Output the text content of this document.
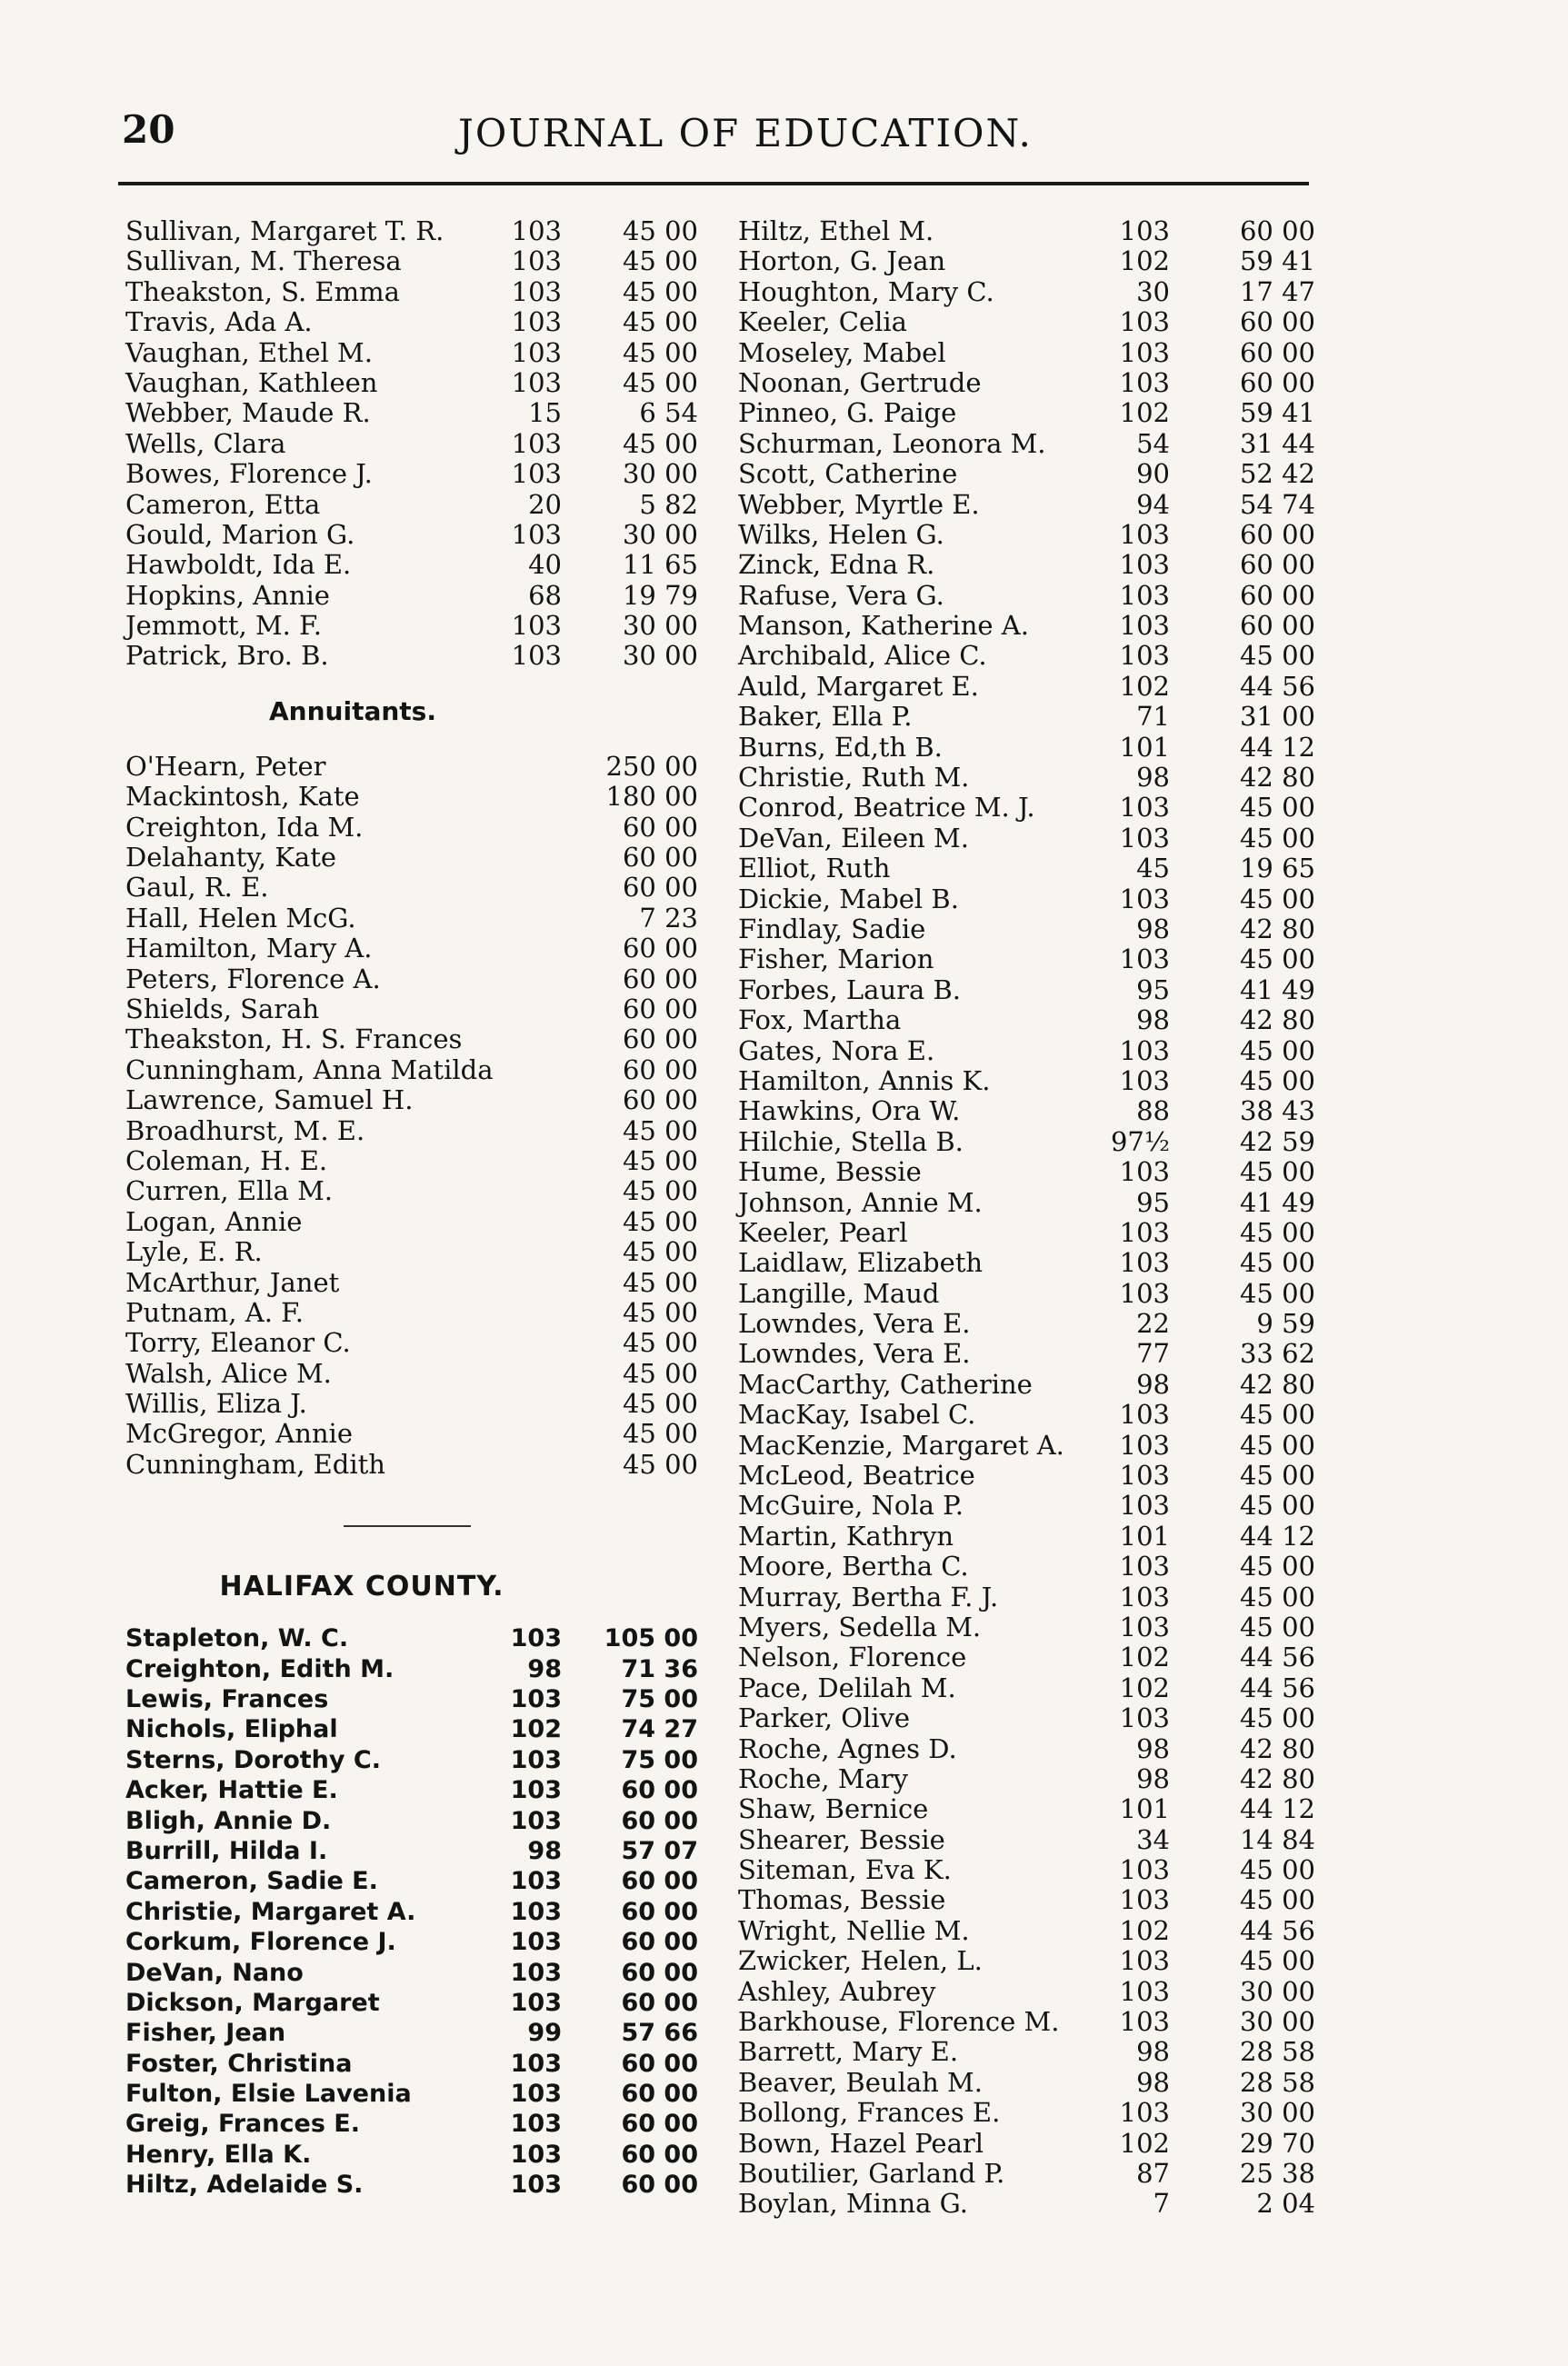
20	JOURNAL OF EDUCATION.
Sullivan, Margaret T. R.	103	45 00
Sullivan, M. Theresa	103	45 00
Theakston, S. Emma	103	45 00
Travis, Ada A.	103	45 00
Vaughan, Ethel M.	103	45 00
Vaughan, Kathleen	103	45 00
Webber, Maude R.	15	6 54
Wells, Clara	103	45 00
Bowes, Florence J.	103	30 00
Cameron, Etta	20	5 82
Gould, Marion G.	103	30 00
Hawboldt, Ida E.	40	11 65
Hopkins, Annie	68	19 79
Jemmott, M. F.	103	30 00
Patrick, Bro. B.	103	30 00
Annuitants.
O'Hearn, Peter	250 00
Mackintosh, Kate	180 00
Creighton, Ida M.	60 00
Delahanty, Kate	60 00
Gaul, R. E.	60 00
Hall, Helen McG.	7 23
Hamilton, Mary A.	60 00
Peters, Florence A.	60 00
Shields, Sarah	60 00
Theakston, H. S. Frances	60 00
Cunningham, Anna Matilda	60 00
Lawrence, Samuel H.	60 00
Broadhurst, M. E.	45 00
Coleman, H. E.	45 00
Curren, Ella M.	45 00
Logan, Annie	45 00
Lyle, E. R.	45 00
McArthur, Janet	45 00
Putnam, A. F.	45 00
Torry, Eleanor C.	45 00
Walsh, Alice M.	45 00
Willis, Eliza J.	45 00
McGregor, Annie	45 00
Cunningham, Edith	45 00
HALIFAX COUNTY.
Stapleton, W. C.	103	105 00
Creighton, Edith M.	98	71 36
Lewis, Frances	103	75 00
Nichols, Eliphal	102	74 27
Sterns, Dorothy C.	103	75 00
Acker, Hattie E.	103	60 00
Bligh, Annie D.	103	60 00
Burrill, Hilda I.	98	57 07
Cameron, Sadie E.	103	60 00
Christie, Margaret A.	103	60 00
Corkum, Florence J.	103	60 00
DeVan, Nano	103	60 00
Dickson, Margaret	103	60 00
Fisher, Jean	99	57 66
Foster, Christina	103	60 00
Fulton, Elsie Lavenia	103	60 00
Greig, Frances E.	103	60 00
Henry, Ella K.	103	60 00
Hiltz, Adelaide S.	103	60 00
Hiltz, Ethel M.	103	60 00
Horton, G. Jean	102	59 41
Houghton, Mary C.	30	17 47
Keeler, Celia	103	60 00
Moseley, Mabel	103	60 00
Noonan, Gertrude	103	60 00
Pinneo, G. Paige	102	59 41
Schurman, Leonora M.	54	31 44
Scott, Catherine	90	52 42
Webber, Myrtle E.	94	54 74
Wilks, Helen G.	103	60 00
Zinck, Edna R.	103	60 00
Rafuse, Vera G.	103	60 00
Manson, Katherine A.	103	60 00
Archibald, Alice C.	103	45 00
Auld, Margaret E.	102	44 56
Baker, Ella P.	71	31 00
Burns, Ed,th B.	101	44 12
Christie, Ruth M.	98	42 80
Conrod, Beatrice M. J.	103	45 00
DeVan, Eileen M.	103	45 00
Elliot, Ruth	45	19 65
Dickie, Mabel B.	103	45 00
Findlay, Sadie	98	42 80
Fisher, Marion	103	45 00
Forbes, Laura B.	95	41 49
Fox, Martha	98	42 80
Gates, Nora E.	103	45 00
Hamilton, Annis K.	103	45 00
Hawkins, Ora W.	88	38 43
Hilchie, Stella B.	97½	42 59
Hume, Bessie	103	45 00
Johnson, Annie M.	95	41 49
Keeler, Pearl	103	45 00
Laidlaw, Elizabeth	103	45 00
Langille, Maud	103	45 00
Lowndes, Vera E.	22	9 59
Lowndes, Vera E.	77	33 62
MacCarthy, Catherine	98	42 80
MacKay, Isabel C.	103	45 00
MacKenzie, Margaret A.	103	45 00
McLeod, Beatrice	103	45 00
McGuire, Nola P.	103	45 00
Martin, Kathryn	101	44 12
Moore, Bertha C.	103	45 00
Murray, Bertha F. J.	103	45 00
Myers, Sedella M.	103	45 00
Nelson, Florence	102	44 56
Pace, Delilah M.	102	44 56
Parker, Olive	103	45 00
Roche, Agnes D.	98	42 80
Roche, Mary	98	42 80
Shaw, Bernice	101	44 12
Shearer, Bessie	34	14 84
Siteman, Eva K.	103	45 00
Thomas, Bessie	103	45 00
Wright, Nellie M.	102	44 56
Zwicker, Helen, L.	103	45 00
Ashley, Aubrey	103	30 00
Barkhouse, Florence M.	103	30 00
Barrett, Mary E.	98	28 58
Beaver, Beulah M.	98	28 58
Bollong, Frances E.	103	30 00
Bown, Hazel Pearl	102	29 70
Boutilier, Garland P.	87	25 38
Boylan, Minna G.	7	2 04
